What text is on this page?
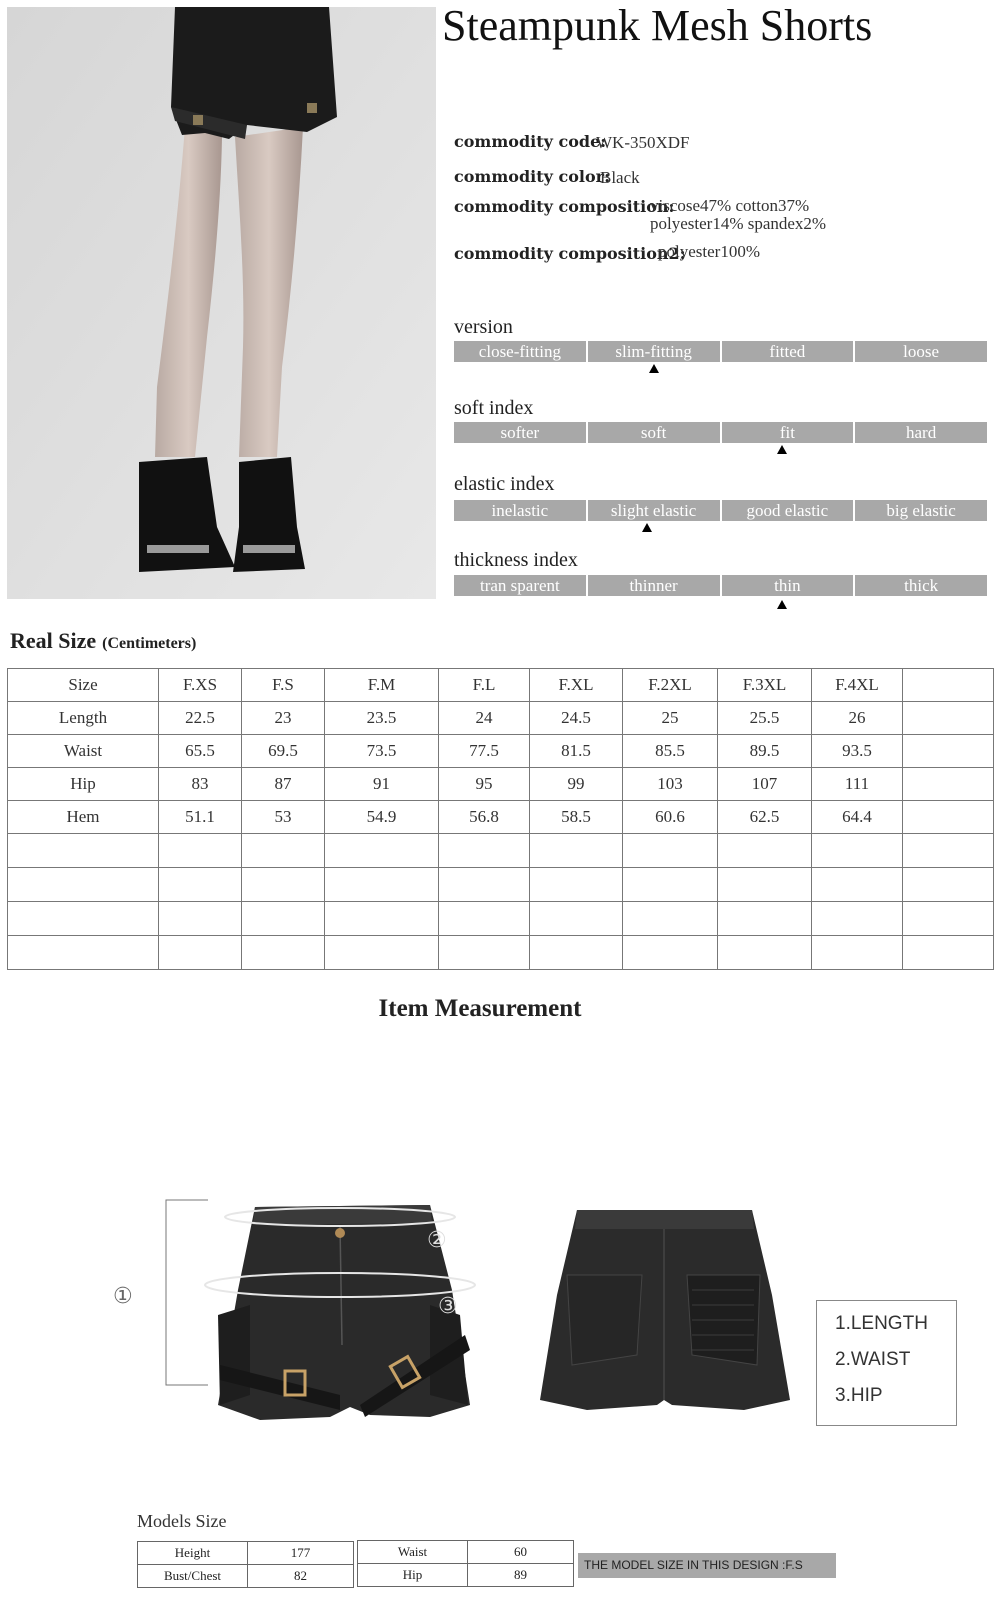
Steampunk Mesh Shorts
commodity code:
WK-350XDF
commodity color:
Black
commodity composition:
viscose47% cotton37%
polyester14% spandex2%
commodity composition2:
polyester100%
version
close-fitting	slim-fitting	fitted	loose
soft index
softer	soft	fit	hard
elastic index
inelastic	slight elastic	good elastic	big elastic
thickness index
tran sparent	thinner	thin	thick
Real Size (Centimeters)
Size	F.XS	F.S	F.M	F.L	F.XL	F.2XL	F.3XL	F.4XL	
Length	22.5	23	23.5	24	24.5	25	25.5	26	
Waist	65.5	69.5	73.5	77.5	81.5	85.5	89.5	93.5	
Hip	83	87	91	95	99	103	107	111	
Hem	51.1	53	54.9	56.8	58.5	60.6	62.5	64.4	

Item Measurement
①
②
③
1.LENGTH
2.WAIST
3.HIP
Models Size
Height	177
Bust/Chest	82
Waist	60
Hip	89
THE MODEL SIZE IN THIS DESIGN :F.S
